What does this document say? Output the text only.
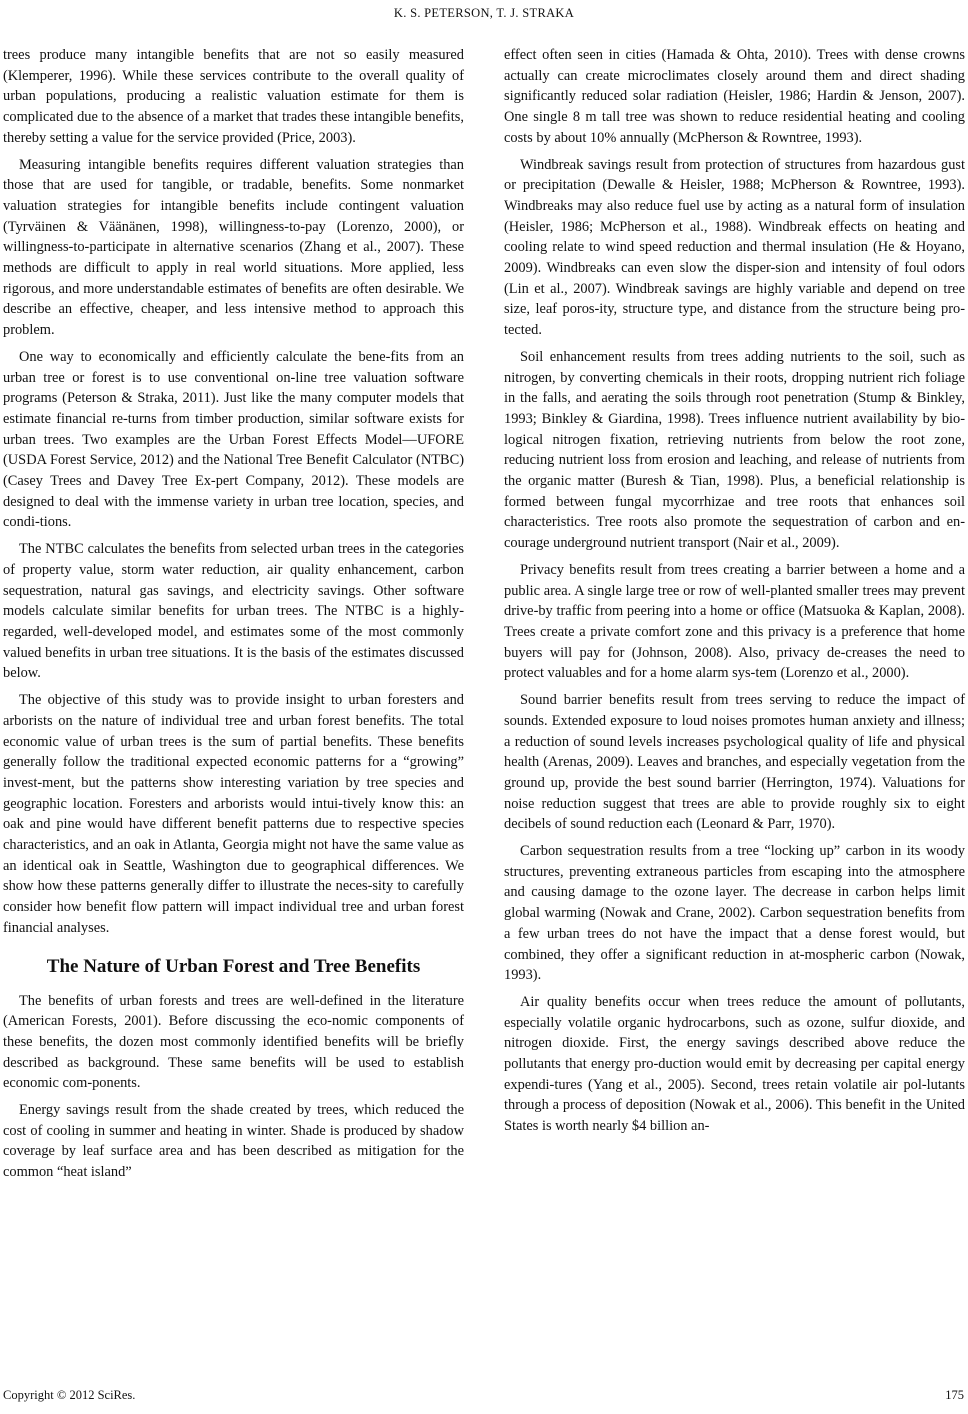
K. S. PETERSON, T. J. STRAKA

trees produce many intangible benefits that are not so easily measured (Klemperer, 1996). While these services contribute to the overall quality of urban populations, producing a realistic valuation estimate for them is complicated due to the absence of a market that trades these intangible benefits, thereby setting a value for the service provided (Price, 2003).

Measuring intangible benefits requires different valuation strategies than those that are used for tangible, or tradable, benefits. Some nonmarket valuation strategies for intangible benefits include contingent valuation (Tyrväinen & Väänänen, 1998), willingness-to-pay (Lorenzo, 2000), or willingness-to-participate in alternative scenarios (Zhang et al., 2007). These methods are difficult to apply in real world situations. More applied, less rigorous, and more understandable estimates of benefits are often desirable. We describe an effective, cheaper, and less intensive method to approach this problem.

One way to economically and efficiently calculate the bene-fits from an urban tree or forest is to use conventional on-line tree valuation software programs (Peterson & Straka, 2011). Just like the many computer models that estimate financial re-turns from timber production, similar software exists for urban trees. Two examples are the Urban Forest Effects Model—UFORE (USDA Forest Service, 2012) and the National Tree Benefit Calculator (NTBC) (Casey Trees and Davey Tree Ex-pert Company, 2012). These models are designed to deal with the immense variety in urban tree location, species, and condi-tions.

The NTBC calculates the benefits from selected urban trees in the categories of property value, storm water reduction, air quality enhancement, carbon sequestration, natural gas savings, and electricity savings. Other software models calculate similar benefits for urban trees. The NTBC is a highly-regarded, well-developed model, and estimates some of the most commonly valued benefits in urban tree situations. It is the basis of the estimates discussed below.

The objective of this study was to provide insight to urban foresters and arborists on the nature of individual tree and urban forest benefits. The total economic value of urban trees is the sum of partial benefits. These benefits generally follow the traditional expected economic patterns for a “growing” invest-ment, but the patterns show interesting variation by tree species and geographic location. Foresters and arborists would intui-tively know this: an oak and pine would have different benefit patterns due to respective species characteristics, and an oak in Atlanta, Georgia might not have the same value as an identical oak in Seattle, Washington due to geographical differences. We show how these patterns generally differ to illustrate the neces-sity to carefully consider how benefit flow pattern will impact individual tree and urban forest financial analyses.

The Nature of Urban Forest and Tree Benefits

The benefits of urban forests and trees are well-defined in the literature (American Forests, 2001). Before discussing the eco-nomic components of these benefits, the dozen most commonly identified benefits will be briefly described as background. These same benefits will be used to establish economic com-ponents.

Energy savings result from the shade created by trees, which reduced the cost of cooling in summer and heating in winter. Shade is produced by shadow coverage by leaf surface area and has been described as mitigation for the common “heat island”

effect often seen in cities (Hamada & Ohta, 2010). Trees with dense crowns actually can create microclimates closely around them and direct shading significantly reduced solar radiation (Heisler, 1986; Hardin & Jenson, 2007). One single 8 m tall tree was shown to reduce residential heating and cooling costs by about 10% annually (McPherson & Rowntree, 1993).

Windbreak savings result from protection of structures from hazardous gust or precipitation (Dewalle & Heisler, 1988; McPherson & Rowntree, 1993). Windbreaks may also reduce fuel use by acting as a natural form of insulation (Heisler, 1986; McPherson et al., 1988). Windbreak effects on heating and cooling relate to wind speed reduction and thermal insulation (He & Hoyano, 2009). Windbreaks can even slow the disper-sion and intensity of foul odors (Lin et al., 2007). Windbreak savings are highly variable and depend on tree size, leaf poros-ity, structure type, and distance from the structure being pro-tected.

Soil enhancement results from trees adding nutrients to the soil, such as nitrogen, by converting chemicals in their roots, dropping nutrient rich foliage in the falls, and aerating the soils through root penetration (Stump & Binkley, 1993; Binkley & Giardina, 1998). Trees influence nutrient availability by bio-logical nitrogen fixation, retrieving nutrients from below the root zone, reducing nutrient loss from erosion and leaching, and release of nutrients from the organic matter (Buresh & Tian, 1998). Plus, a beneficial relationship is formed between fungal mycorrhizae and tree roots that enhances soil characteristics. Tree roots also promote the sequestration of carbon and en-courage underground nutrient transport (Nair et al., 2009).

Privacy benefits result from trees creating a barrier between a home and a public area. A single large tree or row of well-planted smaller trees may prevent drive-by traffic from peering into a home or office (Matsuoka & Kaplan, 2008). Trees create a private comfort zone and this privacy is a preference that home buyers will pay for (Johnson, 2008). Also, privacy de-creases the need to protect valuables and for a home alarm sys-tem (Lorenzo et al., 2000).

Sound barrier benefits result from trees serving to reduce the impact of sounds. Extended exposure to loud noises promotes human anxiety and illness; a reduction of sound levels increases psychological quality of life and physical health (Arenas, 2009). Leaves and branches, and especially vegetation from the ground up, provide the best sound barrier (Herrington, 1974). Valuations for noise reduction suggest that trees are able to provide roughly six to eight decibels of sound reduction each (Leonard & Parr, 1970).

Carbon sequestration results from a tree “locking up” carbon in its woody structures, preventing extraneous particles from escaping into the atmosphere and causing damage to the ozone layer. The decrease in carbon helps limit global warming (Nowak and Crane, 2002). Carbon sequestration benefits from a few urban trees do not have the impact that a dense forest would, but combined, they offer a significant reduction in at-mospheric carbon (Nowak, 1993).

Air quality benefits occur when trees reduce the amount of pollutants, especially volatile organic hydrocarbons, such as ozone, sulfur dioxide, and nitrogen dioxide. First, the energy savings described above reduce the pollutants that energy pro-duction would emit by decreasing per capital energy expendi-tures (Yang et al., 2005). Second, trees retain volatile air pol-lutants through a process of deposition (Nowak et al., 2006). This benefit in the United States is worth nearly $4 billion an-

Copyright © 2012 SciRes.	175
